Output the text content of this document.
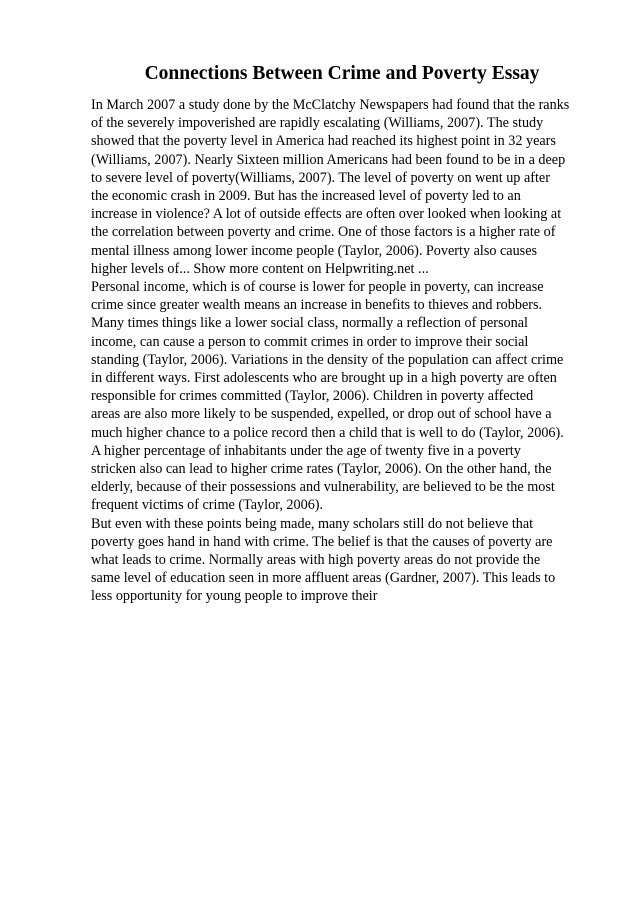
Connections Between Crime and Poverty Essay
In March 2007 a study done by the McClatchy Newspapers had found that the ranks
of the severely impoverished are rapidly escalating (Williams, 2007). The study
showed that the poverty level in America had reached its highest point in 32 years
(Williams, 2007). Nearly Sixteen million Americans had been found to be in a deep
to severe level of poverty(Williams, 2007). The level of poverty on went up after
the economic crash in 2009. But has the increased level of poverty led to an
increase in violence? A lot of outside effects are often over looked when looking at
the correlation between poverty and crime. One of those factors is a higher rate of
mental illness among lower income people (Taylor, 2006). Poverty also causes
higher levels of... Show more content on Helpwriting.net ...
Personal income, which is of course is lower for people in poverty, can increase
crime since greater wealth means an increase in benefits to thieves and robbers.
Many times things like a lower social class, normally a reflection of personal
income, can cause a person to commit crimes in order to improve their social
standing (Taylor, 2006). Variations in the density of the population can affect crime
in different ways. First adolescents who are brought up in a high poverty are often
responsible for crimes committed (Taylor, 2006). Children in poverty affected
areas are also more likely to be suspended, expelled, or drop out of school have a
much higher chance to a police record then a child that is well to do (Taylor, 2006).
A higher percentage of inhabitants under the age of twenty five in a poverty
stricken also can lead to higher crime rates (Taylor, 2006). On the other hand, the
elderly, because of their possessions and vulnerability, are believed to be the most
frequent victims of crime (Taylor, 2006).
But even with these points being made, many scholars still do not believe that
poverty goes hand in hand with crime. The belief is that the causes of poverty are
what leads to crime. Normally areas with high poverty areas do not provide the
same level of education seen in more affluent areas (Gardner, 2007). This leads to
less opportunity for young people to improve their
